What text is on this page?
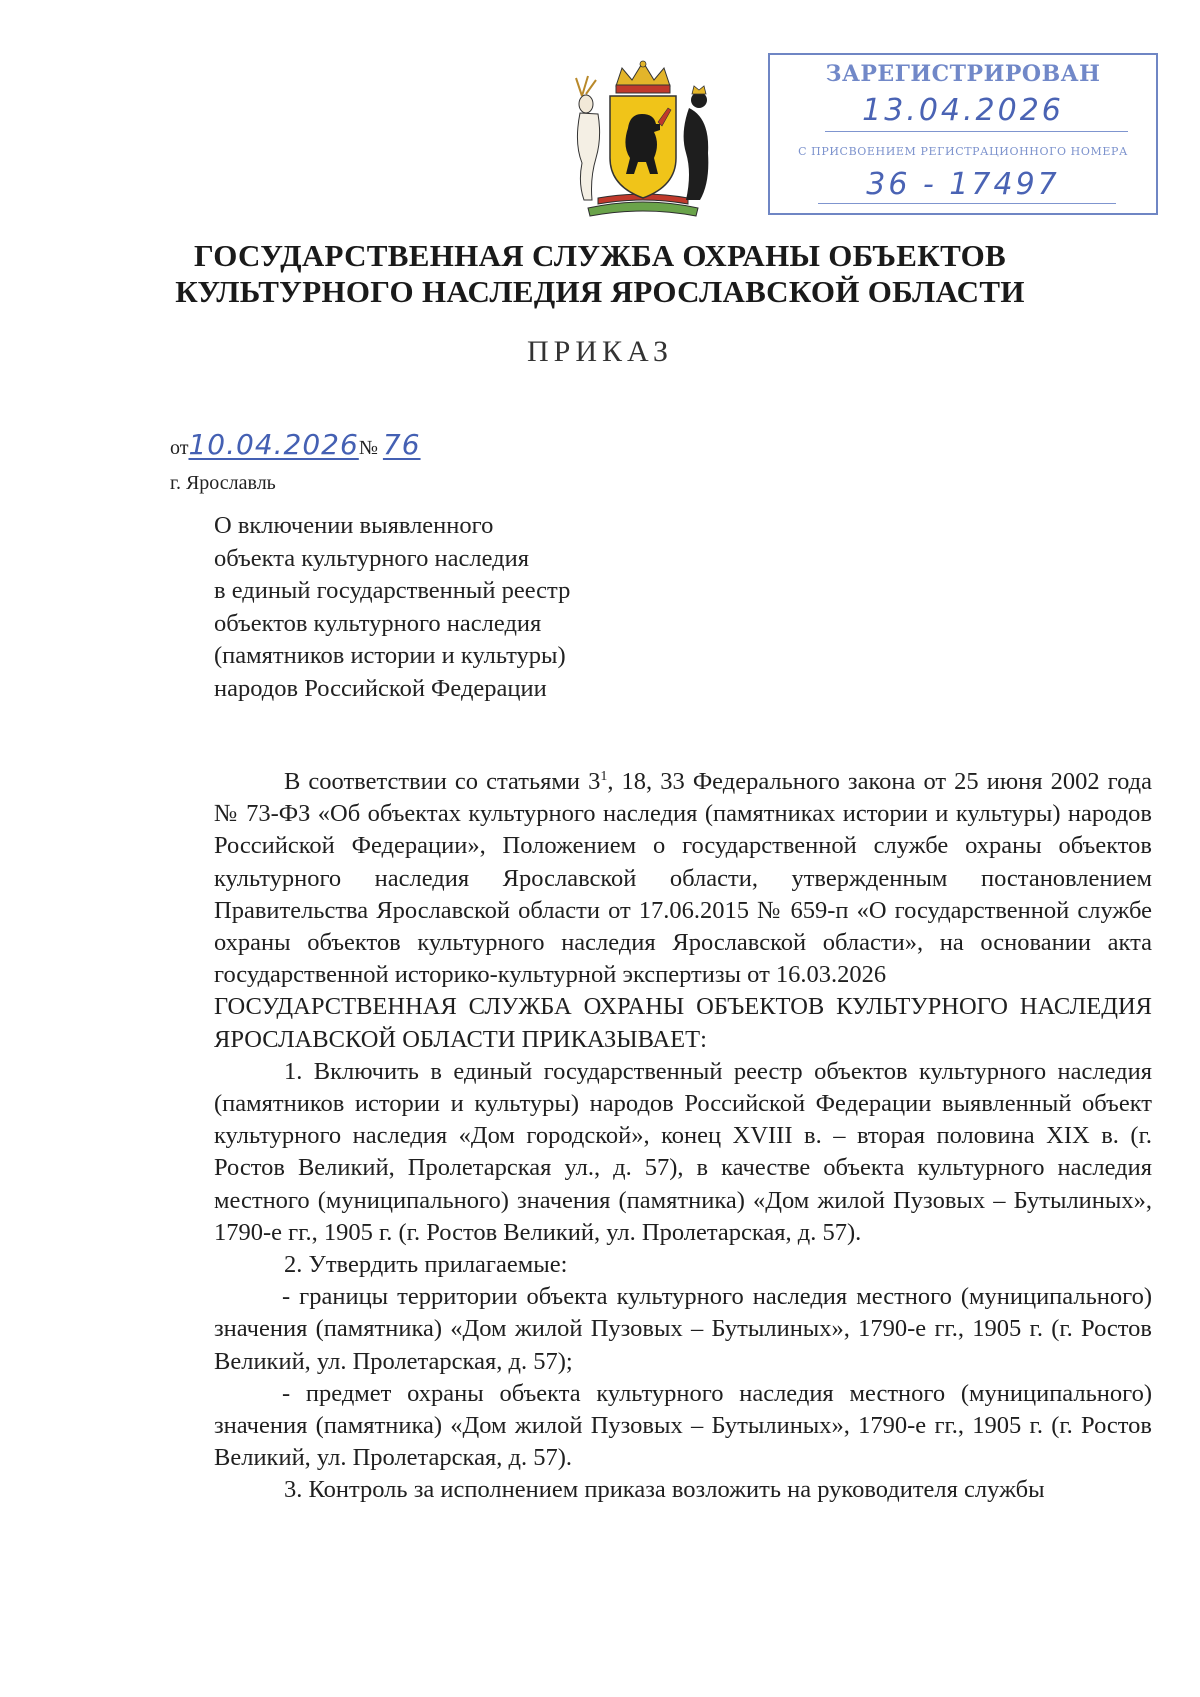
ЗАРЕГИСТРИРОВАН
13.04.2026
С ПРИСВОЕНИЕМ РЕГИСТРАЦИОННОГО НОМЕРА
36 - 17497
ГОСУДАРСТВЕННАЯ СЛУЖБА ОХРАНЫ ОБЪЕКТОВ
КУЛЬТУРНОГО НАСЛЕДИЯ ЯРОСЛАВСКОЙ ОБЛАСТИ
ПРИКАЗ
от10.04.2026№ 76
г. Ярославль
О включении выявленного
объекта культурного наследия
в единый государственный реестр
объектов культурного наследия
(памятников истории и культуры)
народов Российской Федерации

В соответствии со статьями $3^1$, 18, 33 Федерального закона от 25 июня 2002 года № 73-ФЗ «Об объектах культурного наследия (памятниках истории и культуры) народов Российской Федерации», Положением о государственной службе охраны объектов культурного наследия Ярославской области, утвержденным постановлением Правительства Ярославской области от 17.06.2015 № 659-п «О государственной службе охраны объектов культурного наследия Ярославской области», на основании акта государственной историко-культурной экспертизы от 16.03.2026

ГОСУДАРСТВЕННАЯ СЛУЖБА ОХРАНЫ ОБЪЕКТОВ КУЛЬТУРНОГО НАСЛЕДИЯ ЯРОСЛАВСКОЙ ОБЛАСТИ ПРИКАЗЫВАЕТ:

1. Включить в единый государственный реестр объектов культурного наследия (памятников истории и культуры) народов Российской Федерации выявленный объект культурного наследия «Дом городской», конец XVIII в. – вторая половина XIX в. (г. Ростов Великий, Пролетарская ул., д. 57), в качестве объекта культурного наследия местного (муниципального) значения (памятника) «Дом жилой Пузовых – Бутылиных», 1790-е гг., 1905 г. (г. Ростов Великий, ул. Пролетарская, д. 57).

2. Утвердить прилагаемые:

- границы территории объекта культурного наследия местного (муниципального) значения (памятника) «Дом жилой Пузовых – Бутылиных», 1790-е гг., 1905 г. (г. Ростов Великий, ул. Пролетарская, д. 57);

- предмет охраны объекта культурного наследия местного (муниципального) значения (памятника) «Дом жилой Пузовых – Бутылиных», 1790-е гг., 1905 г. (г. Ростов Великий, ул. Пролетарская, д. 57).

3. Контроль за исполнением приказа возложить на руководителя службы
